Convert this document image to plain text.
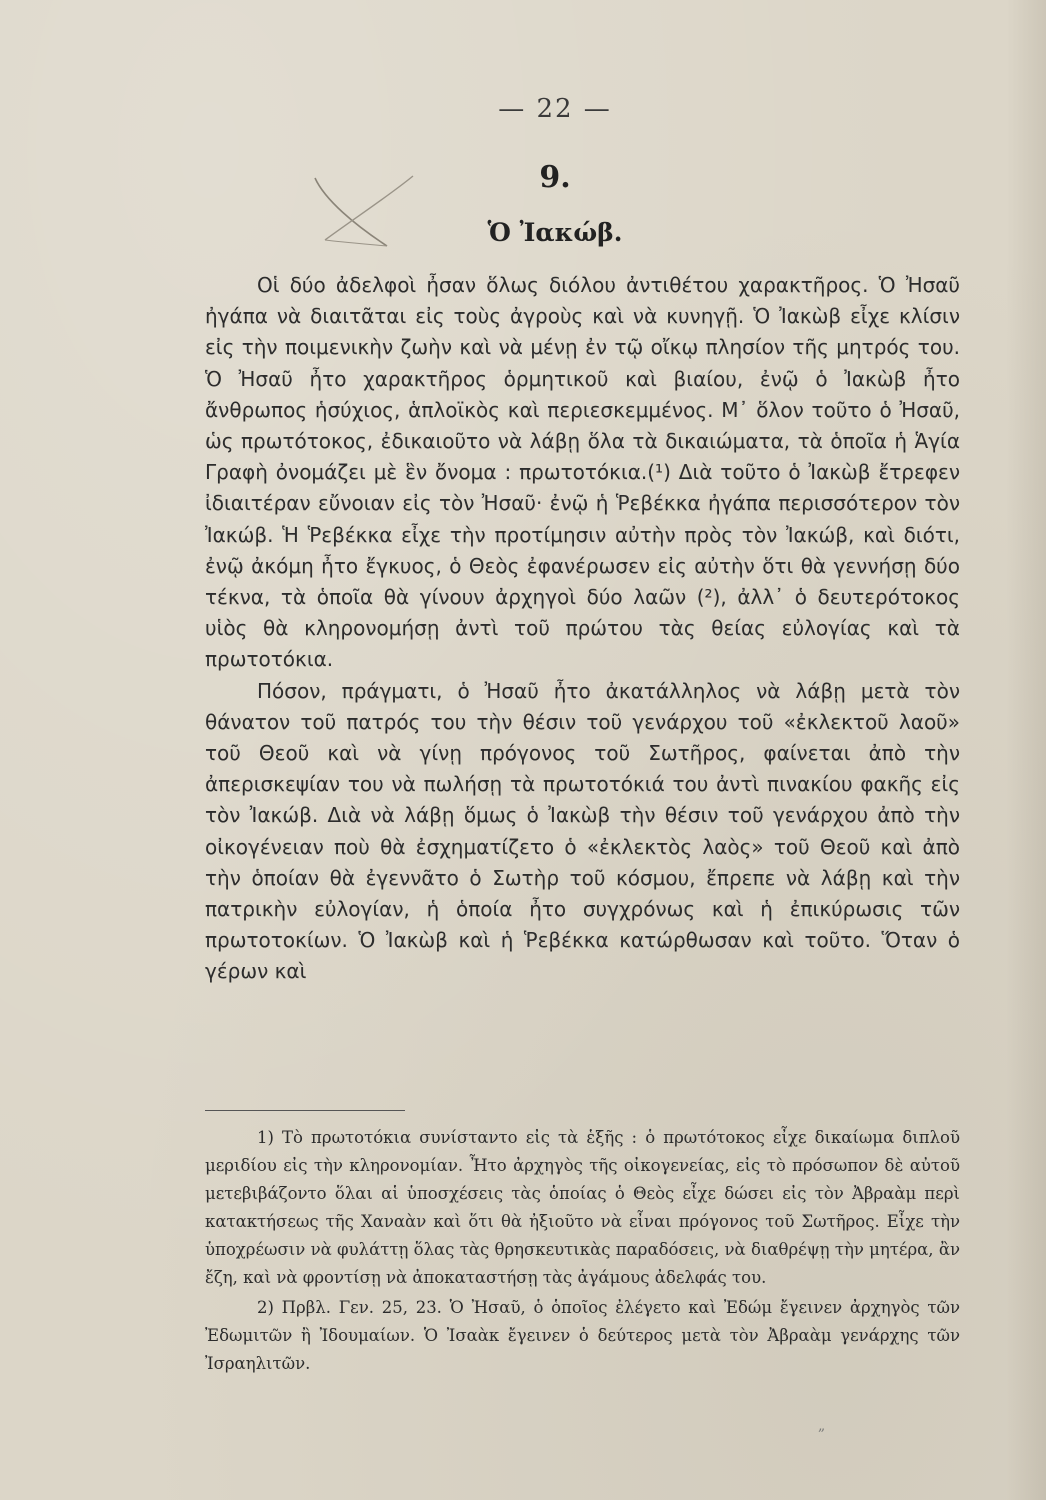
— 22 —
9.
Ὁ Ἰακώβ.

Οἱ δύο ἀδελφοὶ ἦσαν ὅλως διόλου ἀντιθέτου χαρακτῆρος. Ὁ Ἠσαῦ ἠγάπα νὰ διαιτᾶται εἰς τοὺς ἀγροὺς καὶ νὰ κυνηγῇ. Ὁ Ἰακὼβ εἶχε κλίσιν εἰς τὴν ποιμενικὴν ζωὴν καὶ νὰ μένῃ ἐν τῷ οἴκῳ πλησίον τῆς μητρός του. Ὁ Ἠσαῦ ἦτο χαρακτῆρος ὁρμητικοῦ καὶ βιαίου, ἐνῷ ὁ Ἰακὼβ ἦτο ἄνθρωπος ἡσύχιος, ἁπλοϊκὸς καὶ περιεσκεμμένος. Μ᾽ ὅλον τοῦτο ὁ Ἠσαῦ, ὡς πρωτότοκος, ἐδικαιοῦτο νὰ λάβῃ ὅλα τὰ δικαιώματα, τὰ ὁποῖα ἡ Ἁγία Γραφὴ ὀνομάζει μὲ ἓν ὄνομα : πρωτοτόκια.(¹) Διὰ τοῦτο ὁ Ἰακὼβ ἔτρεφεν ἰδιαιτέραν εὔνοιαν εἰς τὸν Ἠσαῦ· ἐνῷ ἡ Ῥεβέκκα ἠγάπα περισσότερον τὸν Ἰακώβ. Ἡ Ῥεβέκκα εἶχε τὴν προτίμησιν αὐτὴν πρὸς τὸν Ἰακώβ, καὶ διότι, ἐνῷ ἀκόμη ἦτο ἔγκυος, ὁ Θεὸς ἐφανέρωσεν εἰς αὐτὴν ὅτι θὰ γεννήσῃ δύο τέκνα, τὰ ὁποῖα θὰ γίνουν ἀρχηγοὶ δύο λαῶν (²), ἀλλ᾽ ὁ δευτερότοκος υἱὸς θὰ κληρονομήσῃ ἀντὶ τοῦ πρώτου τὰς θείας εὐλογίας καὶ τὰ πρωτοτόκια.

Πόσον, πράγματι, ὁ Ἠσαῦ ἦτο ἀκατάλληλος νὰ λάβῃ μετὰ τὸν θάνατον τοῦ πατρός του τὴν θέσιν τοῦ γενάρχου τοῦ «ἐκλεκτοῦ λαοῦ» τοῦ Θεοῦ καὶ νὰ γίνῃ πρόγονος τοῦ Σωτῆρος, φαίνεται ἀπὸ τὴν ἀπερισκεψίαν του νὰ πωλήσῃ τὰ πρωτοτόκιά του ἀντὶ πινακίου φακῆς εἰς τὸν Ἰακώβ. Διὰ νὰ λάβῃ ὅμως ὁ Ἰακὼβ τὴν θέσιν τοῦ γενάρχου ἀπὸ τὴν οἰκογένειαν ποὺ θὰ ἐσχηματίζετο ὁ «ἐκλεκτὸς λαὸς» τοῦ Θεοῦ καὶ ἀπὸ τὴν ὁποίαν θὰ ἐγεννᾶτο ὁ Σωτὴρ τοῦ κόσμου, ἔπρεπε νὰ λάβῃ καὶ τὴν πατρικὴν εὐλογίαν, ἡ ὁποία ἦτο συγχρόνως καὶ ἡ ἐπικύρωσις τῶν πρωτοτοκίων. Ὁ Ἰακὼβ καὶ ἡ Ῥεβέκκα κατώρθωσαν καὶ τοῦτο. Ὅταν ὁ γέρων καὶ

1) Τὸ πρωτοτόκια συνίσταντο εἰς τὰ ἑξῆς : ὁ πρωτότοκος εἶχε δικαίωμα διπλοῦ μεριδίου εἰς τὴν κληρονομίαν. Ἦτο ἀρχηγὸς τῆς οἰκογενείας, εἰς τὸ πρόσωπον δὲ αὐτοῦ μετεβιβάζοντο ὅλαι αἱ ὑποσχέσεις τὰς ὁποίας ὁ Θεὸς εἶχε δώσει εἰς τὸν Ἀβραὰμ περὶ κατακτήσεως τῆς Χαναὰν καὶ ὅτι θὰ ἠξιοῦτο νὰ εἶναι πρόγονος τοῦ Σωτῆρος. Εἶχε τὴν ὑποχρέωσιν νὰ φυλάττῃ ὅλας τὰς θρησκευτικὰς παραδόσεις, νὰ διαθρέψῃ τὴν μητέρα, ἂν ἔζη, καὶ νὰ φροντίσῃ νὰ ἀποκαταστήσῃ τὰς ἀγάμους ἀδελφάς του.

2) Πρβλ. Γεν. 25, 23. Ὁ Ἠσαῦ, ὁ ὁποῖος ἐλέγετο καὶ Ἐδώμ ἔγεινεν ἀρχηγὸς τῶν Ἐδωμιτῶν ἢ Ἰδουμαίων. Ὁ Ἰσαὰκ ἔγεινεν ὁ δεύτερος μετὰ τὸν Ἀβραὰμ γενάρχης τῶν Ἰσραηλιτῶν.

„
